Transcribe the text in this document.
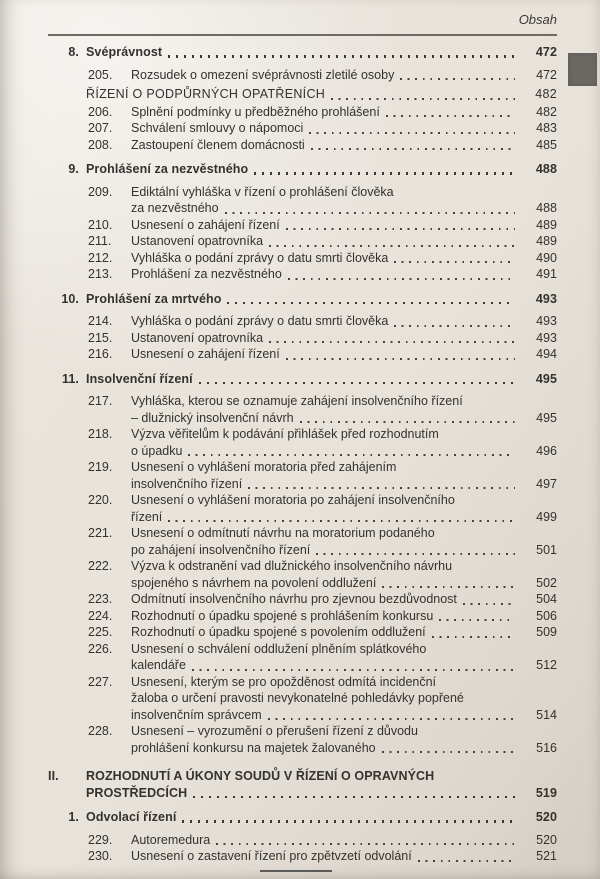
Obsah
8. Svéprávnost	472
205.	Rozsudek o omezení svéprávnosti zletilé osoby	472
ŘÍZENÍ O PODPŮRNÝCH OPATŘENÍCH	482
206.	Splnění podmínky u předběžného prohlášení	482
207.	Schválení smlouvy o nápomoci	483
208.	Zastoupení členem domácnosti	485
9. Prohlášení za nezvěstného	488
209.	Ediktální vyhláška v řízení o prohlášení člověka
za nezvěstného	488
210.	Usnesení o zahájení řízení	489
211.	Ustanovení opatrovníka	489
212.	Vyhláška o podání zprávy o datu smrti člověka	490
213.	Prohlášení za nezvěstného	491
10. Prohlášení za mrtvého	493
214.	Vyhláška o podání zprávy o datu smrti člověka	493
215.	Ustanovení opatrovníka	493
216.	Usnesení o zahájení řízení	494
11. Insolvenční řízení	495
217.	Vyhláška, kterou se oznamuje zahájení insolvenčního řízení
– dlužnický insolvenční návrh	495
218.	Výzva věřitelům k podávání přihlášek před rozhodnutím
o úpadku	496
219.	Usnesení o vyhlášení moratoria před zahájením
insolvenčního řízení	497
220.	Usnesení o vyhlášení moratoria po zahájení insolvenčního
řízení	499
221.	Usnesení o odmítnutí návrhu na moratorium podaného
po zahájení insolvenčního řízení	501
222.	Výzva k odstranění vad dlužnického insolvenčního návrhu
spojeného s návrhem na povolení oddlužení	502
223.	Odmítnutí insolvenčního návrhu pro zjevnou bezdůvodnost	504
224.	Rozhodnutí o úpadku spojené s prohlášením konkursu	506
225.	Rozhodnutí o úpadku spojené s povolením oddlužení	509
226.	Usnesení o schválení oddlužení plněním splátkového
kalendáře	512
227.	Usnesení, kterým se pro opožděnost odmítá incidenční
žaloba o určení pravosti nevykonatelné pohledávky popřené
insolvenčním správcem	514
228.	Usnesení – vyrozumění o přerušení řízení z důvodu
prohlášení konkursu na majetek žalovaného	516
II.	ROZHODNUTÍ A ÚKONY SOUDŮ V ŘÍZENÍ O OPRAVNÝCH
PROSTŘEDCÍCH	519
1. Odvolací řízení	520
229.	Autoremedura	520
230.	Usnesení o zastavení řízení pro zpětvzetí odvolání	521
